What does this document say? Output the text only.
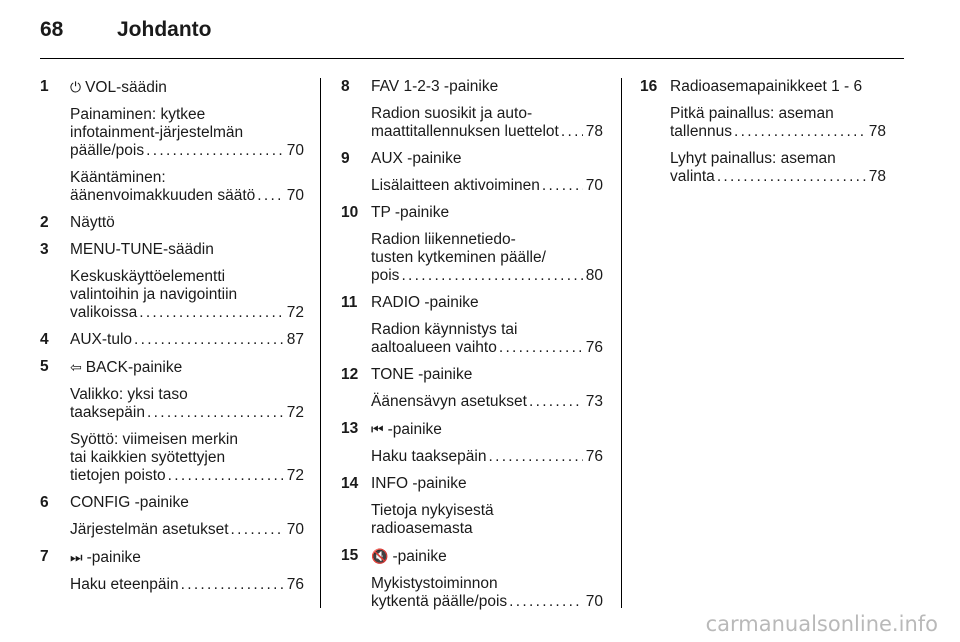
68	Johdanto
1 ⏻ VOL-säädin
Painaminen: kytkee
infotainment-järjestelmän
päälle/pois . . .	70
Kääntäminen:
äänenvoimakkuuden säätö . . . 70
2 Näyttö
3 MENU-TUNE-säädin
Keskuskäyttöelementti
valintoihin ja navigointiin
valikoissa . . .	72
4 AUX-tulo . . .	87
5 ⇦ BACK-painike
Valikko: yksi taso
taaksepäin . . .	72
Syöttö: viimeisen merkin
tai kaikkien syötettyjen
tietojen poisto . . .	72
6 CONFIG -painike
Järjestelmän asetukset . . .	70
7 ⏭ -painike
Haku eteenpäin . . .	76
8 FAV 1-2-3 -painike
Radion suosikit ja auto-
maattitallennuksen luettelot . . . 78
9 AUX -painike
Lisälaitteen aktivoiminen . . .	70
10 TP -painike
Radion liikennetiedo-
tusten kytkeminen päälle/
pois . . .	80
11 RADIO -painike
Radion käynnistys tai
aaltoalueen vaihto . . .	76
12 TONE -painike
Äänensävyn asetukset . . .	73
13 ⏮ -painike
Haku taaksepäin . . .	76
14 INFO -painike
Tietoja nykyisestä
radioasemasta
15 🔇 -painike
Mykistystoiminnon
kytkentä päälle/pois . . .	70
16 Radioasemapainikkeet 1 - 6
Pitkä painallus: aseman
tallennus . . .	78
Lyhyt painallus: aseman
valinta . . .	78
carmanualsonline.info
